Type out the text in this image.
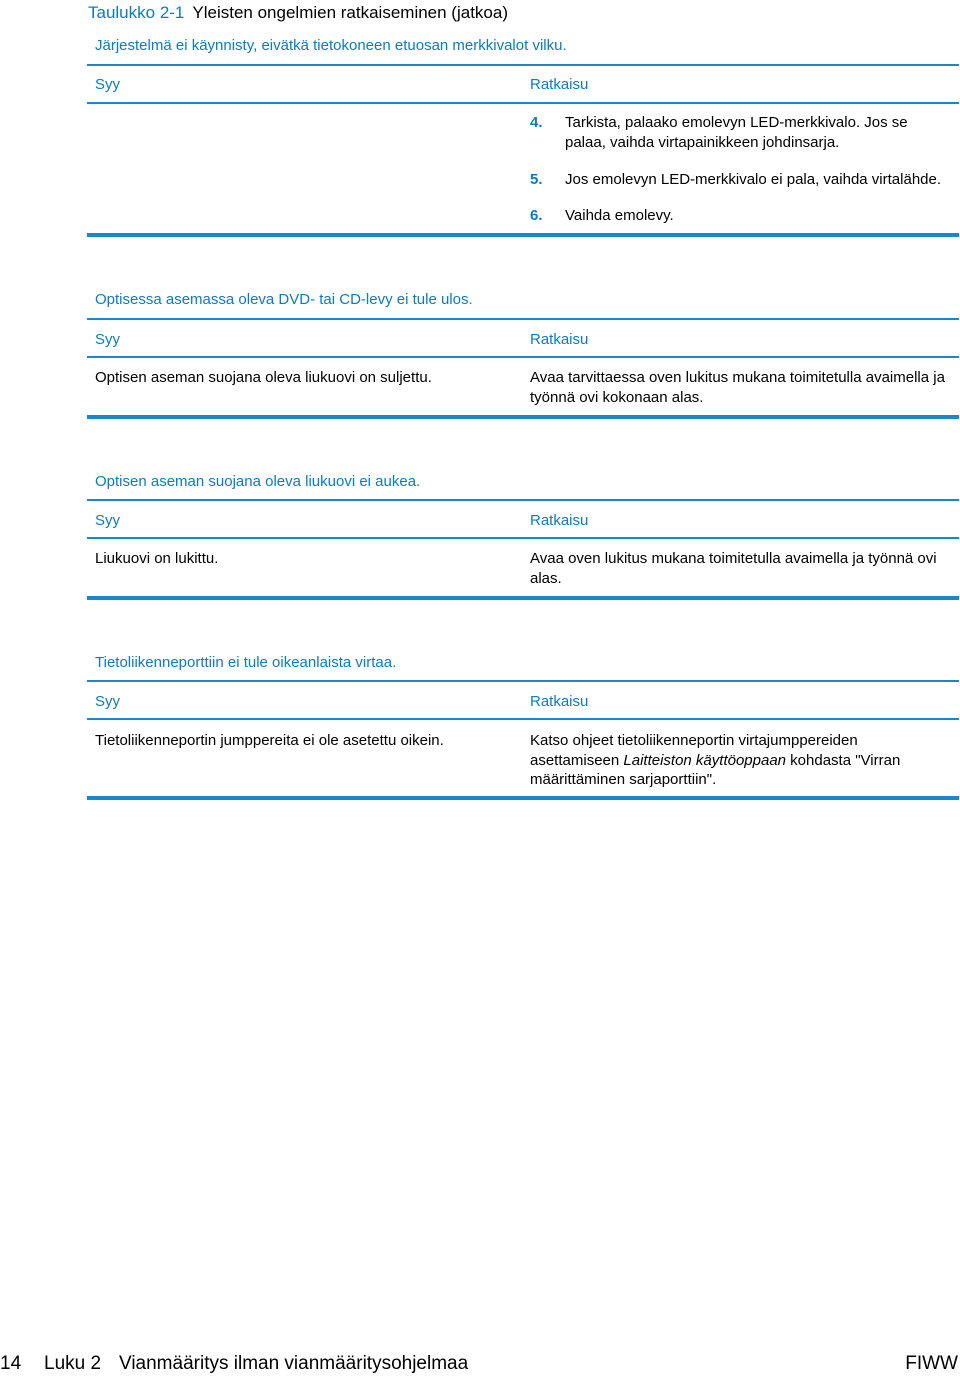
Taulukko 2-1 Yleisten ongelmien ratkaiseminen (jatkoa)
Järjestelmä ei käynnisty, eivätkä tietokoneen etuosan merkkivalot vilku.
Syy	Ratkaisu
4. Tarkista, palaako emolevyn LED-merkkivalo. Jos se palaa, vaihda virtapainikkeen johdinsarja.
5. Jos emolevyn LED-merkkivalo ei pala, vaihda virtalähde.
6. Vaihda emolevy.
Optisessa asemassa oleva DVD- tai CD-levy ei tule ulos.
Syy	Ratkaisu
Optisen aseman suojana oleva liukuovi on suljettu.	Avaa tarvittaessa oven lukitus mukana toimitetulla avaimella ja työnnä ovi kokonaan alas.
Optisen aseman suojana oleva liukuovi ei aukea.
Syy	Ratkaisu
Liukuovi on lukittu.	Avaa oven lukitus mukana toimitetulla avaimella ja työnnä ovi alas.
Tietoliikenneporttiin ei tule oikeanlaista virtaa.
Syy	Ratkaisu
Tietoliikenneportin jumppereita ei ole asetettu oikein.	Katso ohjeet tietoliikenneportin virtajumppereiden asettamiseen Laitteiston käyttöoppaan kohdasta "Virran määrittäminen sarjaporttiin".
14 Luku 2 Vianmääritys ilman vianmääritysohjelmaa	FIWW
